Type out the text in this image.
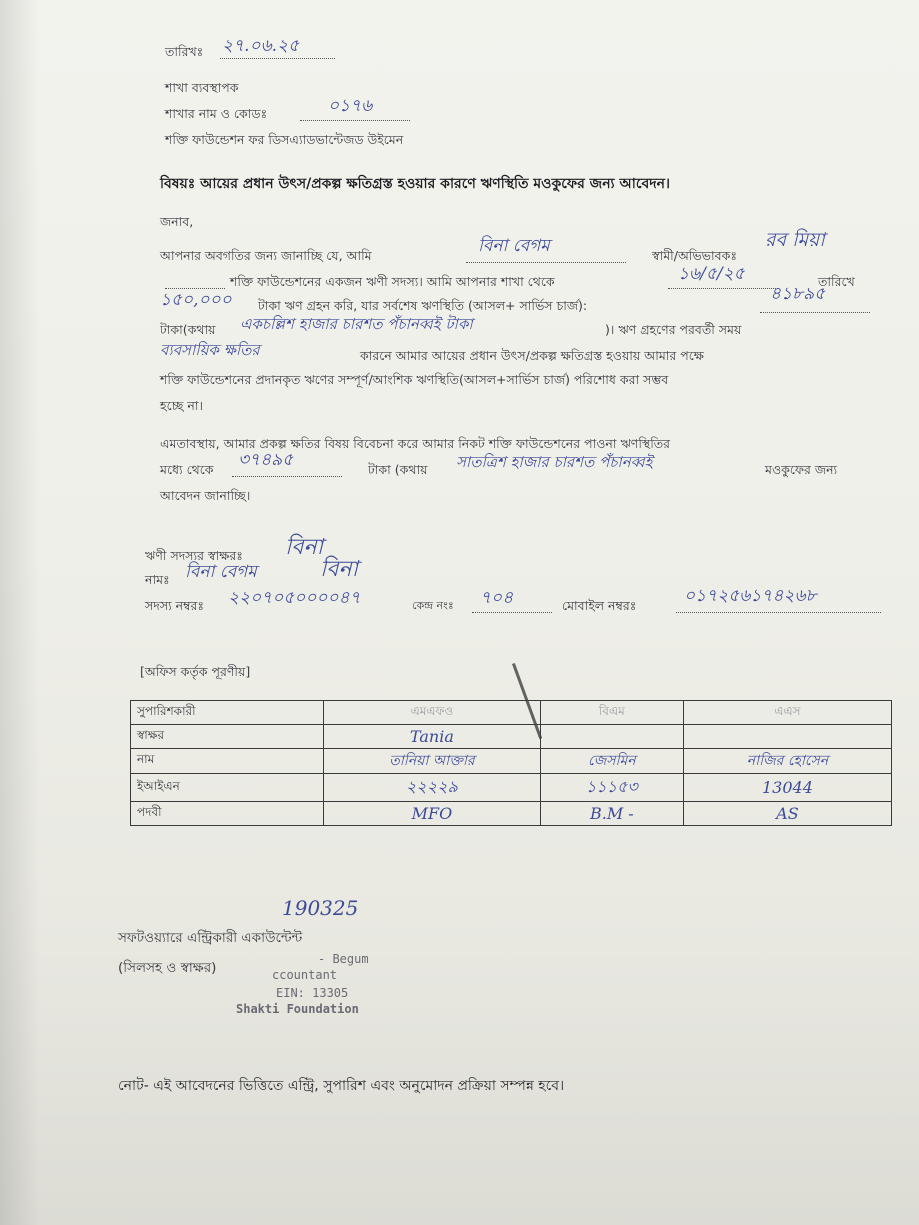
তারিখঃ ২৭.০৬.২৫
শাখা ব্যবস্থাপক
শাখার নাম ও কোডঃ	০১৭৬
শক্তি ফাউন্ডেশন ফর ডিসএ্যাডভান্টেজড উইমেন
বিষয়ঃ আয়ের প্রধান উৎস/প্রকল্প ক্ষতিগ্রস্ত হওয়ার কারণে ঋণস্থিতি মওকুফের জন্য আবেদন।
জনাব,
আপনার অবগতির জন্য জানাচ্ছি যে, আমি	বিনা বেগম	স্বামী/অভিভাবকঃ
রব মিয়া
শক্তি ফাউন্ডেশনের একজন ঋণী সদস্য। আমি আপনার শাখা থেকে	১৬/৫/২৫	তারিখে
১৫০,০০০ টাকা ঋণ গ্রহন করি, যার সর্বশেষ ঋণস্থিতি (আসল+ সার্ভিস চার্জ):
৪১৮৯৫
টাকা(কথায় একচল্লিশ হাজার চারশত পঁচানব্বই টাকা	)। ঋণ গ্রহণের পরবর্তী সময়
ব্যবসায়িক ক্ষতির	কারনে আমার আয়ের প্রধান উৎস/প্রকল্প ক্ষতিগ্রস্ত হওয়ায় আমার পক্ষে
শক্তি ফাউন্ডেশনের প্রদানকৃত ঋণের সম্পূর্ণ/আংশিক ঋণস্থিতি(আসল+সার্ভিস চার্জ) পরিশোধ করা সম্ভব
হচ্ছে না।
এমতাবস্থায়, আমার প্রকল্প ক্ষতির বিষয় বিবেচনা করে আমার নিকট শক্তি ফাউন্ডেশনের পাওনা ঋণস্থিতির
মধ্যে থেকে ৩৭৪৯৫	টাকা (কথায় সাতত্রিশ হাজার চারশত পঁচানব্বই	মওকুফের জন্য
আবেদন জানাচ্ছি।
ঋণী সদস্যর স্বাক্ষরঃ বিনা
নামঃ বিনা বেগম	বিনা
সদস্য নম্বরঃ ২২০৭০৫০০০০৪৭	কেন্দ্র নংঃ ৭০৪	মোবাইল নম্বরঃ	০১৭২৫৬১৭৪২৬৮
[অফিস কর্তৃক পূরণীয়]
সুপারিশকারী	এমএফও	বিএম	এএস
স্বাক্ষর	Tania		
নাম	তানিয়া আক্তার	জেসমিন	নাজির হোসেন
ইআইএন	২২২২৯	১১১৫৩	13044
পদবী	MFO	B.M -	AS
190325
সফটওয়্যারে এন্ট্রিকারী একাউন্টেন্ট
(সিলসহ ও স্বাক্ষর)
- Begum
ccountant
EIN: 13305
Shakti Foundation
নোট- এই আবেদনের ভিত্তিতে এন্ট্রি, সুপারিশ এবং অনুমোদন প্রক্রিয়া সম্পন্ন হবে।
